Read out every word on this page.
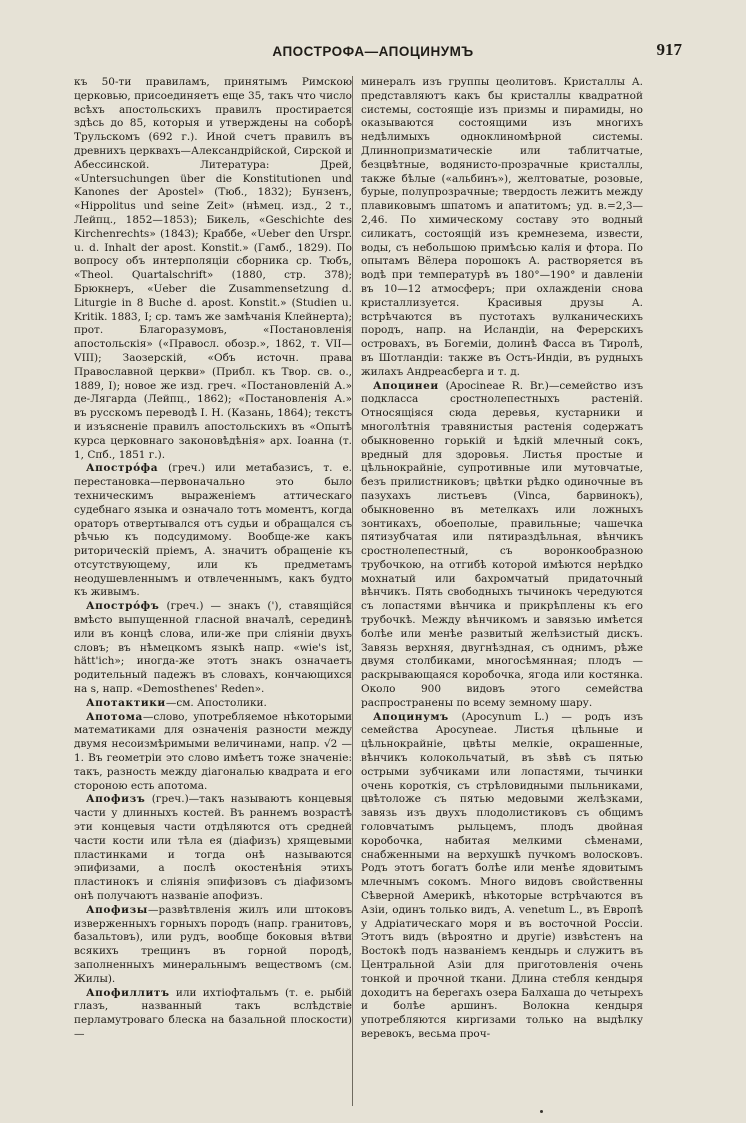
АПОСТРОФА—АПОЦИНУМЪ	917

къ 50-ти правиламъ, принятымъ Римскою церковью, присоединяетъ еще 35, такъ что число всѣхъ апостольскихъ правилъ простирается здѣсь до 85, которыя и утверждены на соборѣ Трульскомъ (692 г.). Иной счетъ правилъ въ древнихъ церквахъ—Александрійской, Сирской и Абессинской. Литература: Дрей, «Untersuchungen über die Konstitutionen und Kanones der Apostel» (Тюб., 1832); Бунзенъ, «Hippolitus und seine Zeit» (нѣмец. изд., 2 т., Лейпц., 1852—1853); Бикель, «Geschichte des Kirchenrechts» (1843); Краббе, «Ueber den Urspr. u. d. Inhalt der apost. Konstit.» (Гамб., 1829). По вопросу объ интерполяціи сборника ср. Тюбъ, «Theol. Quartalschrift» (1880, стр. 378); Брюкнеръ, «Ueber die Zusammensetzung d. Liturgie in 8 Buche d. apost. Konstit.» (Studien u. Kritik. 1883, I; cp. тамъ же замѣчанія Клейнерта); прот. Благоразумовъ, «Постановленія апостольскія» («Правосл. обозр.», 1862, т. VII—VIII); Заозерскій, «Объ источн. права Православной церкви» (Прибл. къ Твор. св. о., 1889, I); новое же изд. греч. «Постановленій А.» де-Лягарда (Лейпц., 1862); «Постановленія А.» въ русскомъ переводѣ І. Н. (Казань, 1864); текстъ и изъясненіе правилъ апостольскихъ въ «Опытѣ курса церковнаго законовѣдѣнія» арх. Іоанна (т. 1, Спб., 1851 г.).

Апостро́фа (греч.) или метабазисъ, т. е. перестановка—первоначально это было техническимъ выраженіемъ аттическаго судебнаго языка и означало тотъ моментъ, когда ораторъ отвертывался отъ судьи и обращался съ рѣчью къ подсудимому. Вообще-же какъ риторическій пріемъ, А. значитъ обращеніе къ отсутствующему, или къ предметамъ неодушевленнымъ и отвлеченнымъ, какъ будто къ живымъ.

Апостро́фъ (греч.) — знакъ ('), ставящійся вмѣсто выпущенной гласной вначалѣ, серединѣ или въ концѣ слова, или-же при сліяніи двухъ словъ; въ нѣмецкомъ языкѣ напр. «wie's ist, hätt'ich»; иногда-же этотъ знакъ означаетъ родительный падежъ въ словахъ, кончающихся на s, напр. «Demosthenes' Reden».

Апотактики—см. Апостолики.

Апотома—слово, употребляемое нѣкоторыми математиками для означенія разности между двумя несоизмѣримыми величинами, напр. √2 — 1. Въ геометріи это слово имѣетъ тоже значеніе: такъ, разность между діагональю квадрата и его стороною есть апотома.

Апофизъ (греч.)—такъ называютъ концевыя части у длинныхъ костей. Въ раннемъ возрастѣ эти концевыя части отдѣляются отъ средней части кости или тѣла ея (діафизъ) хрящевыми пластинками и тогда онѣ называются эпифизами, а послѣ окостенѣнія этихъ пластинокъ и сліянія эпифизовъ съ діафизомъ онѣ получаютъ названіе апофизъ.

Апофизы—развѣтвленія жилъ или штоковъ изверженныхъ горныхъ породъ (напр. гранитовъ, базальтовъ), или рудъ, вообще боковыя вѣтви всякихъ трещинъ въ горной породѣ, заполненныхъ минеральнымъ веществомъ (см. Жилы).

Апофиллитъ или ихтіофтальмъ (т. е. рыбій глазъ, названный такъ вслѣдствіе перламутроваго блеска на базальной плоскости)—

минералъ изъ группы цеолитовъ. Кристаллы А. представляютъ какъ бы кристаллы квадратной системы, состоящіе изъ призмы и пирамиды, но оказываются состоящими изъ многихъ недѣлимыхъ одноклиномѣрной системы. Длиннопризматическіе или таблитчатые, безцвѣтные, водянисто-прозрачные кристаллы, также бѣлые («альбинъ»), желтоватые, розовые, бурые, полупрозрачные; твердость лежитъ между плавиковымъ шпатомъ и апатитомъ; уд. в.=2,3—2,46. По химическому составу это водный силикатъ, состоящій изъ кремнезема, извести, воды, съ небольшою примѣсью калія и фтора. По опытамъ Вёлера порошокъ А. растворяется въ водѣ при температурѣ въ 180°—190° и давленіи въ 10—12 атмосферъ; при охлажденіи снова кристаллизуется. Красивыя друзы А. встрѣчаются въ пустотахъ вулканическихъ породъ, напр. на Исландіи, на Ферерскихъ островахъ, въ Богеміи, долинѣ Фасса въ Тиролѣ, въ Шотландіи: также въ Остъ-Индіи, въ рудныхъ жилахъ Андреасберга и т. д.

Апоцинеи (Apocineae R. Br.)—семейство изъ подкласса сростнолепестныхъ растеній. Относящіяся сюда деревья, кустарники и многолѣтнія травянистыя растенія содержатъ обыкновенно горькій и ѣдкій млечный сокъ, вредный для здоровья. Листья простые и цѣльнокрайніе, супротивные или мутовчатые, безъ прилистниковъ; цвѣтки рѣдко одиночные въ пазухахъ листьевъ (Vinca, барвинокъ), обыкновенно въ метелкахъ или ложныхъ зонтикахъ, обоеполые, правильные; чашечка пятизубчатая или пятираздѣльная, вѣнчикъ сростнолепестный, съ воронкообразною трубочкою, на отгибѣ которой имѣются нерѣдко мохнатый или бахромчатый придаточный вѣнчикъ. Пять свободныхъ тычинокъ чередуются съ лопастями вѣнчика и прикрѣплены къ его трубочкѣ. Между вѣнчикомъ и завязью имѣется болѣе или менѣе развитый желѣзистый дискъ. Завязь верхняя, двугнѣздная, съ однимъ, рѣже двумя столбиками, многосѣмянная; плодъ — раскрывающаяся коробочка, ягода или костянка. Около 900 видовъ этого семейства распространены по всему земному шару.

Апоцинумъ (Apocynum L.) — родъ изъ семейства Apocyneae. Листья цѣльные и цѣльнокрайніе, цвѣты мелкіе, окрашенные, вѣнчикъ колокольчатый, въ зѣвѣ съ пятью острыми зубчиками или лопастями, тычинки очень короткія, съ стрѣловидными пыльниками, цвѣтоложе съ пятью медовыми желѣзками, завязь изъ двухъ плодолистиковъ съ общимъ головчатымъ рыльцемъ, плодъ двойная коробочка, набитая мелкими сѣменами, снабженными на верхушкѣ пучкомъ волосковъ. Родъ этотъ богатъ болѣе или менѣе ядовитымъ млечнымъ сокомъ. Много видовъ свойственны Сѣверной Америкѣ, нѣкоторые встрѣчаются въ Азіи, одинъ только видъ, A. venetum L., въ Европѣ у Адріатическаго моря и въ восточной Россіи. Этотъ видъ (вѣроятно и другіе) извѣстенъ на Востокѣ подъ названіемъ кендырь и служитъ въ Центральной Азіи для приготовленія очень тонкой и прочной ткани. Длина стебля кендыря доходитъ на берегахъ озера Балхаша до четырехъ и болѣе аршинъ. Волокна кендыря употребляются киргизами только на выдѣлку веревокъ, весьма проч-
